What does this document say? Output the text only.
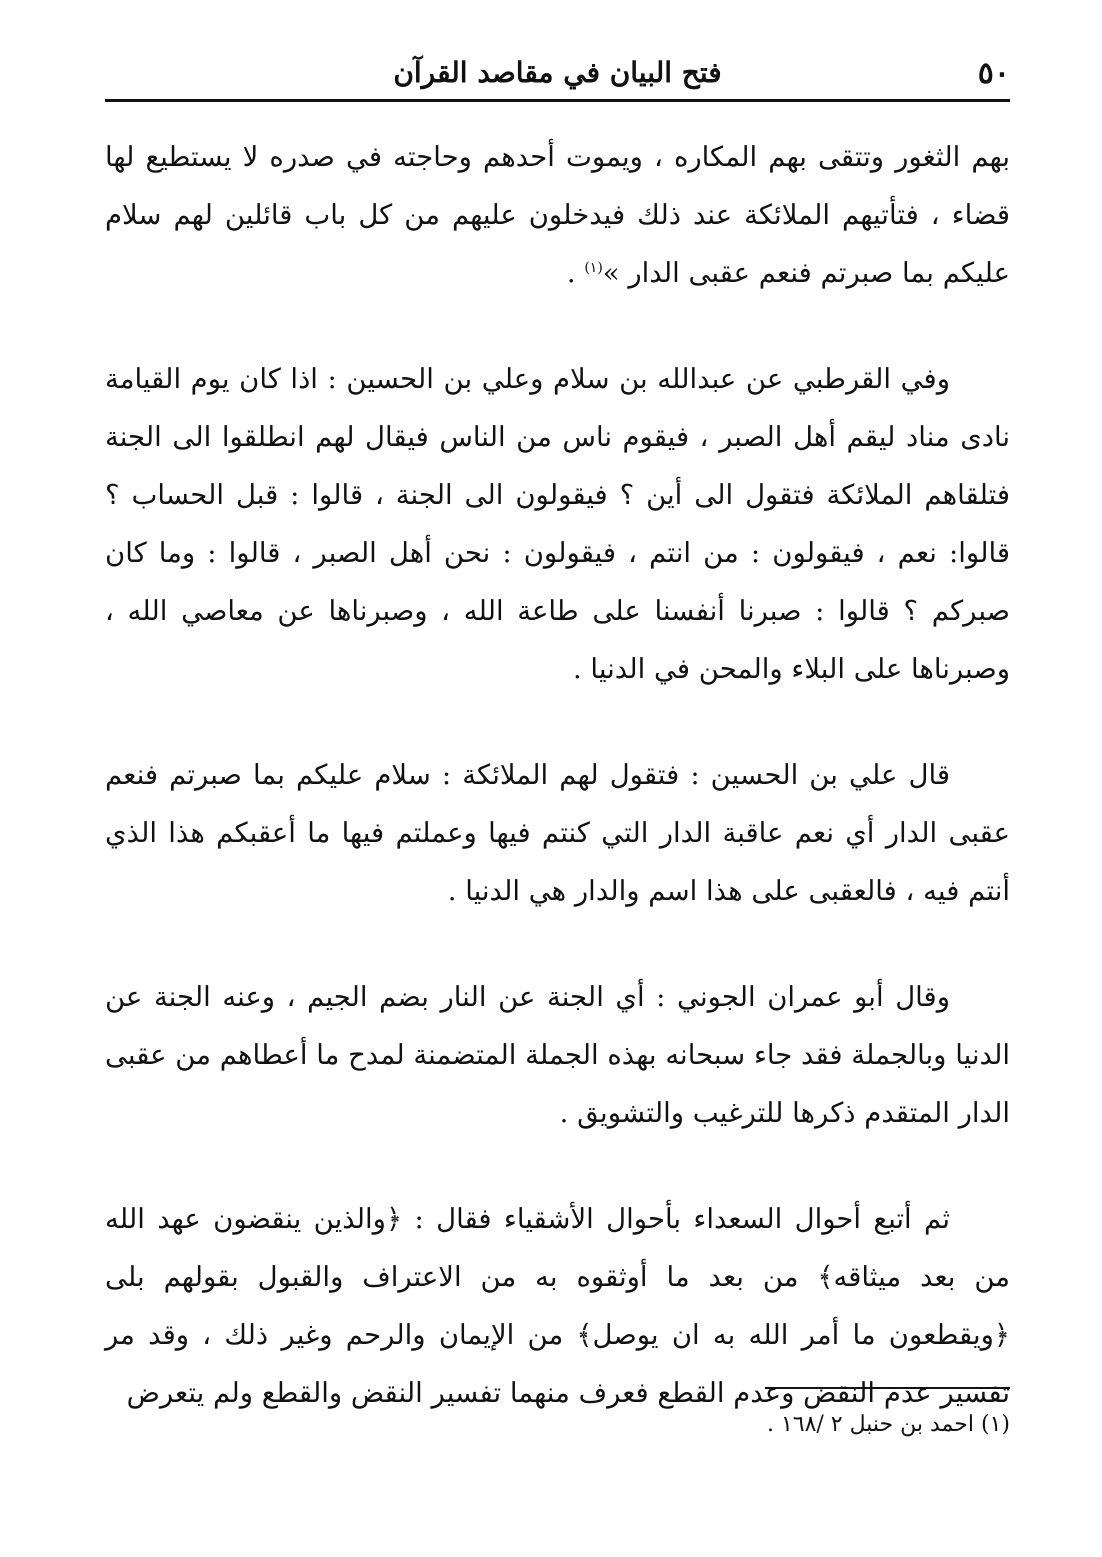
٥٠
فتح البيان في مقاصد القرآن

بهم الثغور وتتقى بهم المكاره ، ويموت أحدهم وحاجته في صدره لا يستطيع لها قضاء ، فتأتيهم الملائكة عند ذلك فيدخلون عليهم من كل باب قائلين لهم سلام عليكم بما صبرتم فنعم عقبى الدار »$^{(١)}$ .

وفي القرطبي عن عبدالله بن سلام وعلي بن الحسين : اذا كان يوم القيامة نادى مناد ليقم أهل الصبر ، فيقوم ناس من الناس فيقال لهم انطلقوا الى الجنة فتلقاهم الملائكة فتقول الى أين ؟ فيقولون الى الجنة ، قالوا : قبل الحساب ؟ قالوا: نعم ، فيقولون : من انتم ، فيقولون : نحن أهل الصبر ، قالوا : وما كان صبركم ؟ قالوا : صبرنا أنفسنا على طاعة الله ، وصبرناها عن معاصي الله ، وصبرناها على البلاء والمحن في الدنيا .

قال علي بن الحسين : فتقول لهم الملائكة : سلام عليكم بما صبرتم فنعم عقبى الدار أي نعم عاقبة الدار التي كنتم فيها وعملتم فيها ما أعقبكم هذا الذي أنتم فيه ، فالعقبى على هذا اسم والدار هي الدنيا .

وقال أبو عمران الجوني : أي الجنة عن النار بضم الجيم ، وعنه الجنة عن الدنيا وبالجملة فقد جاء سبحانه بهذه الجملة المتضمنة لمدح ما أعطاهم من عقبى الدار المتقدم ذكرها للترغيب والتشويق .

ثم أتبع أحوال السعداء بأحوال الأشقياء فقال : ﴿والذين ينقضون عهد الله من بعد ميثاقه﴾ من بعد ما أوثقوه به من الاعتراف والقبول بقولهم بلى ﴿ويقطعون ما أمر الله به ان يوصل﴾ من الإيمان والرحم وغير ذلك ، وقد مر تفسير عدم النقض وعدم القطع فعرف منهما تفسير النقض والقطع ولم يتعرض

(١) احمد بن حنبل ٢ /١٦٨ .
